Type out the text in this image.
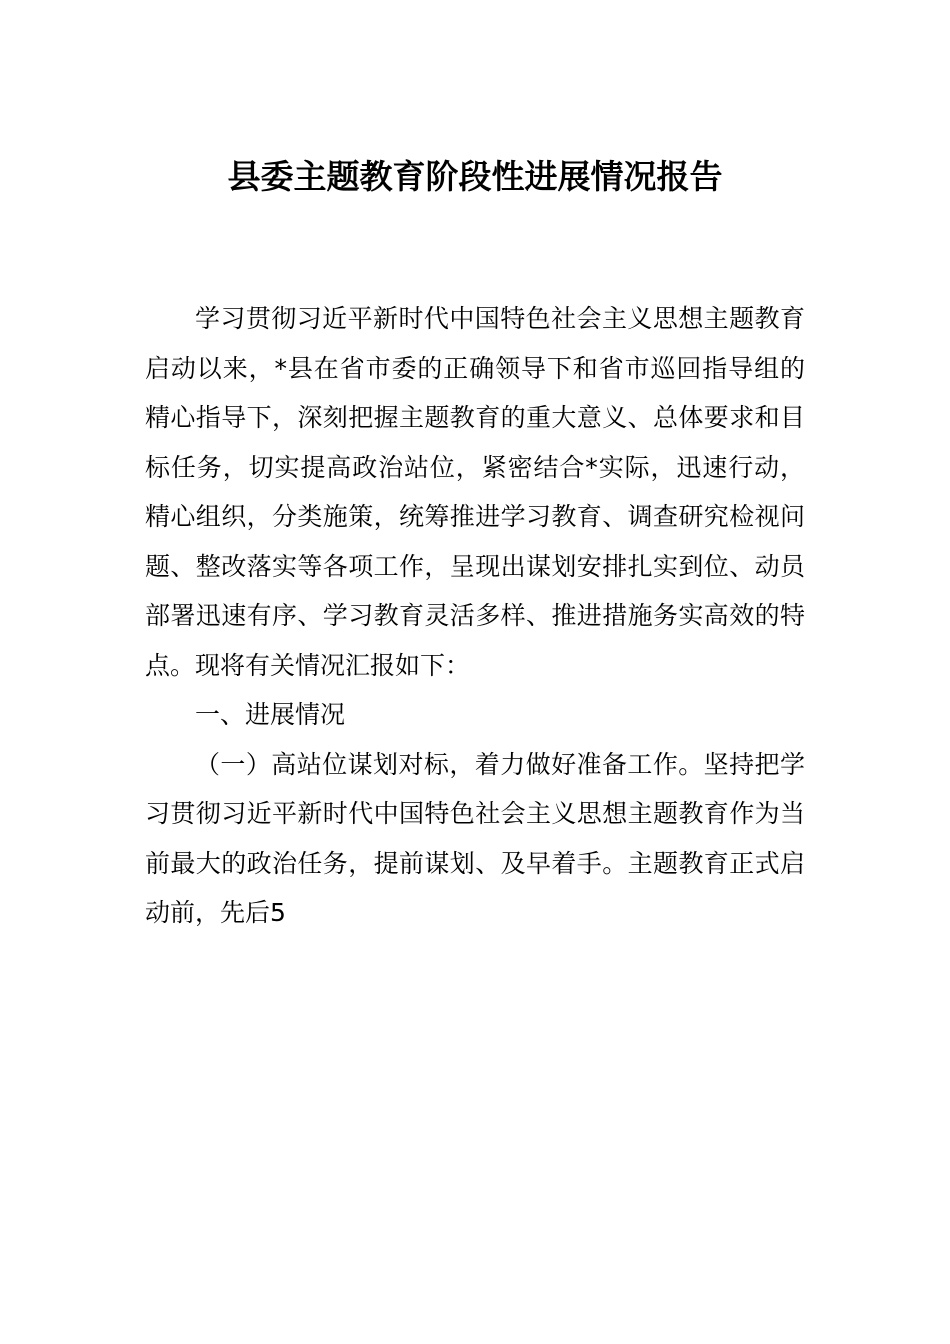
县委主题教育阶段性进展情况报告

学习贯彻习近平新时代中国特色社会主义思想主题教育启动以来，*县在省市委的正确领导下和省市巡回指导组的精心指导下，深刻把握主题教育的重大意义、总体要求和目标任务，切实提高政治站位，紧密结合*实际，迅速行动，精心组织，分类施策，统筹推进学习教育、调查研究检视问题、整改落实等各项工作，呈现出谋划安排扎实到位、动员部署迅速有序、学习教育灵活多样、推进措施务实高效的特点。现将有关情况汇报如下：

一、进展情况

（一）高站位谋划对标，着力做好准备工作。坚持把学习贯彻习近平新时代中国特色社会主义思想主题教育作为当前最大的政治任务，提前谋划、及早着手。主题教育正式启动前，先后5
